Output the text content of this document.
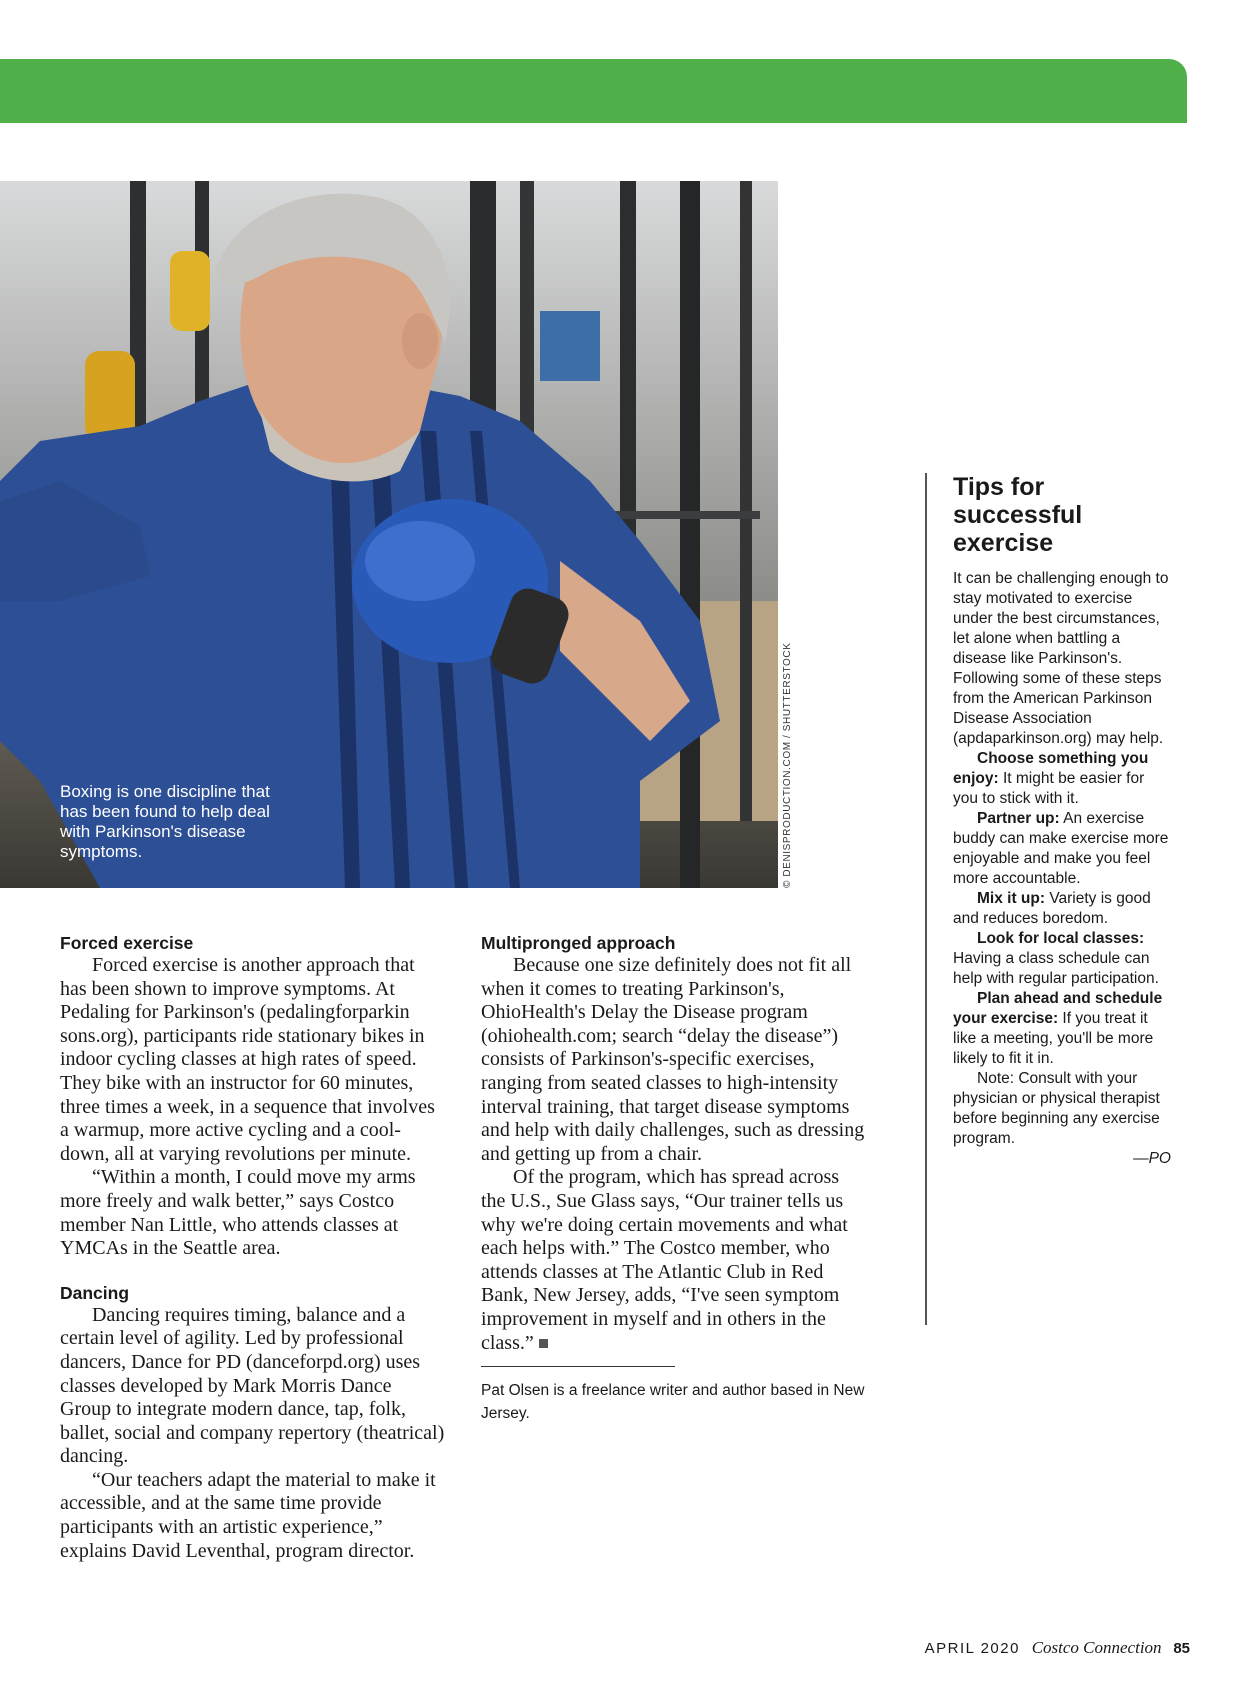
Boxing is one discipline that has been found to help deal with Parkinson's disease symptoms.	© DENISPRODUCTION.COM / SHUTTERSTOCK
Forced exercise

Forced exercise is another approach that has been shown to improve symptoms. At Pedaling for Parkinson's (pedalingforparkin sons.org), participants ride stationary bikes in indoor cycling classes at high rates of speed. They bike with an instructor for 60 minutes, three times a week, in a sequence that involves a warmup, more active cycling and a cool-down, all at varying revolutions per minute.

“Within a month, I could move my arms more freely and walk better,” says Costco member Nan Little, who attends classes at YMCAs in the Seattle area.

Dancing

Dancing requires timing, balance and a certain level of agility. Led by professional dancers, Dance for PD (danceforpd.org) uses classes developed by Mark Morris Dance Group to integrate modern dance, tap, folk, ballet, social and company repertory (theatrical) dancing.

“Our teachers adapt the material to make it accessible, and at the same time provide participants with an artistic experience,” explains David Leventhal, program director.

Multipronged approach

Because one size definitely does not fit all when it comes to treating Parkinson's, OhioHealth's Delay the Disease program (ohiohealth.com; search “delay the disease”) consists of Parkinson's-specific exercises, ranging from seated classes to high-intensity interval training, that target disease symptoms and help with daily challenges, such as dressing and getting up from a chair.

Of the program, which has spread across the U.S., Sue Glass says, “Our trainer tells us why we're doing certain movements and what each helps with.” The Costco member, who attends classes at The Atlantic Club in Red Bank, New Jersey, adds, “I've seen symptom improvement in myself and in others in the class.”

Pat Olsen is a freelance writer and author based in New Jersey.
Tips for successful exercise

It can be challenging enough to stay motivated to exercise under the best circumstances, let alone when battling a disease like Parkinson's. Following some of these steps from the American Parkinson Disease Association (apdaparkinson.org) may help.

Choose something you enjoy: It might be easier for you to stick with it.

Partner up: An exercise buddy can make exercise more enjoyable and make you feel more accountable.

Mix it up: Variety is good and reduces boredom.

Look for local classes: Having a class schedule can help with regular participation.

Plan ahead and schedule your exercise: If you treat it like a meeting, you'll be more likely to fit it in.

Note: Consult with your physician or physical therapist before beginning any exercise program.

—PO

APRIL 2020 Costco Connection 85
